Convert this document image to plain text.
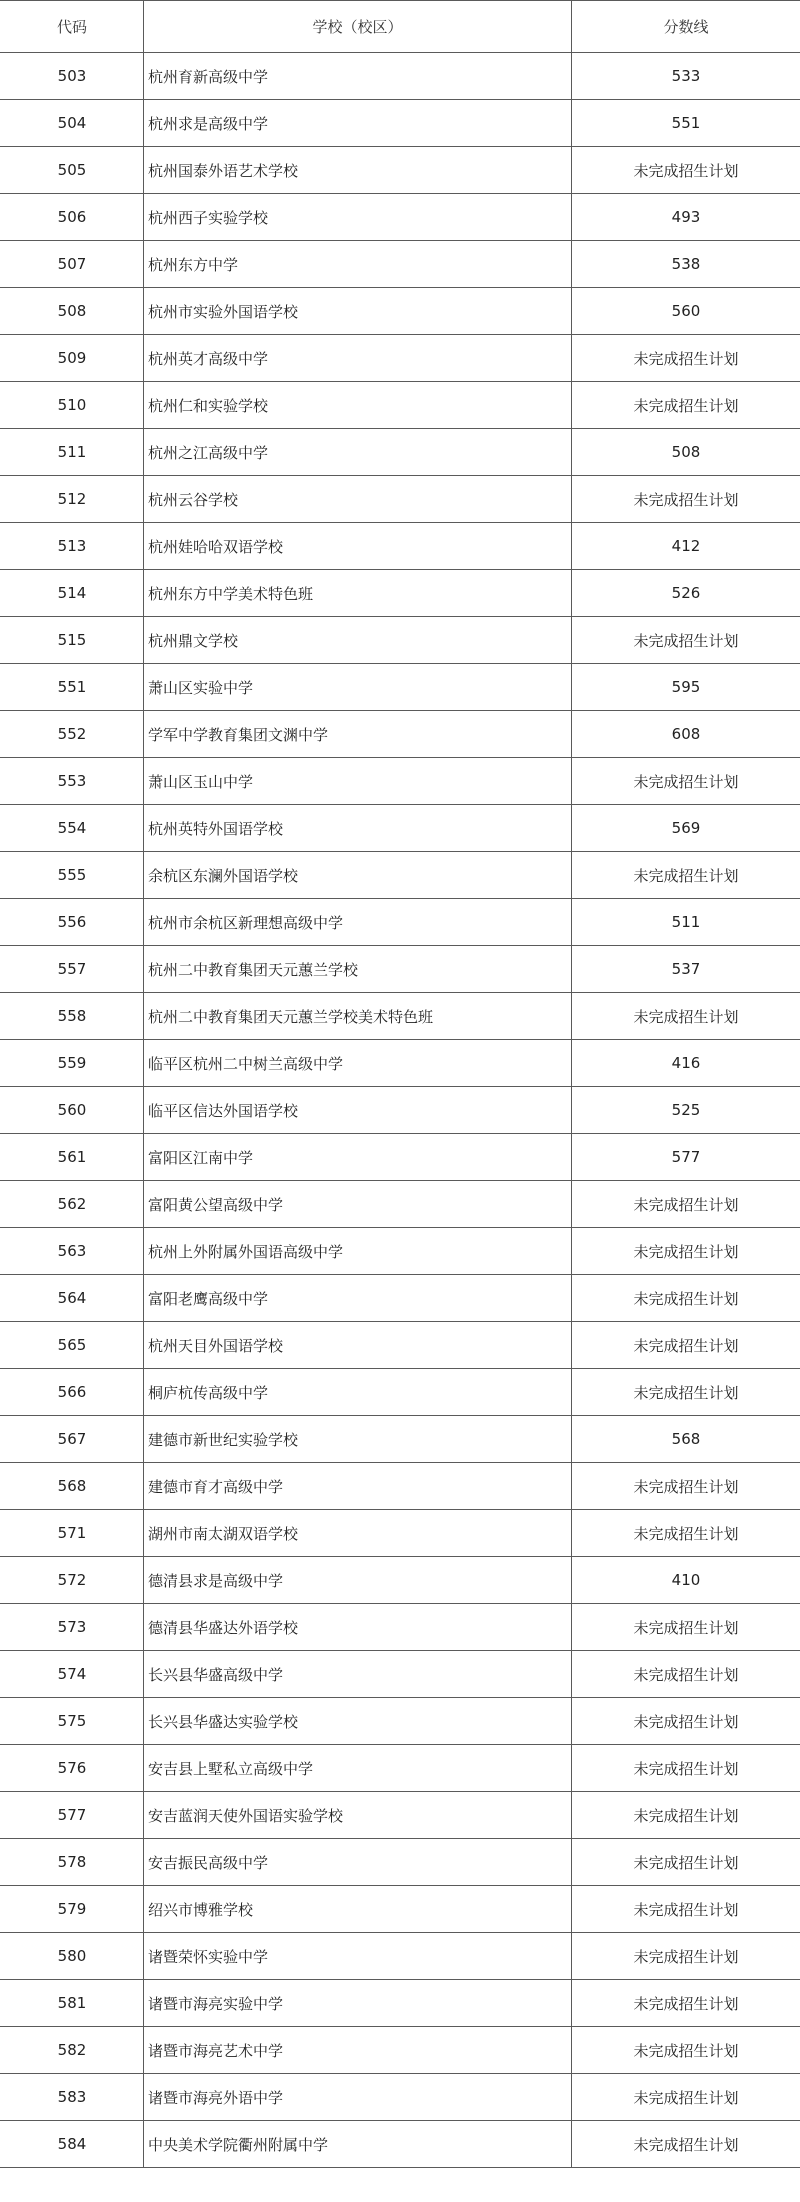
代码	学校（校区）	分数线
503	杭州育新高级中学	533
504	杭州求是高级中学	551
505	杭州国泰外语艺术学校	未完成招生计划
506	杭州西子实验学校	493
507	杭州东方中学	538
508	杭州市实验外国语学校	560
509	杭州英才高级中学	未完成招生计划
510	杭州仁和实验学校	未完成招生计划
511	杭州之江高级中学	508
512	杭州云谷学校	未完成招生计划
513	杭州娃哈哈双语学校	412
514	杭州东方中学美术特色班	526
515	杭州鼎文学校	未完成招生计划
551	萧山区实验中学	595
552	学军中学教育集团文渊中学	608
553	萧山区玉山中学	未完成招生计划
554	杭州英特外国语学校	569
555	余杭区东澜外国语学校	未完成招生计划
556	杭州市余杭区新理想高级中学	511
557	杭州二中教育集团天元蕙兰学校	537
558	杭州二中教育集团天元蕙兰学校美术特色班	未完成招生计划
559	临平区杭州二中树兰高级中学	416
560	临平区信达外国语学校	525
561	富阳区江南中学	577
562	富阳黄公望高级中学	未完成招生计划
563	杭州上外附属外国语高级中学	未完成招生计划
564	富阳老鹰高级中学	未完成招生计划
565	杭州天目外国语学校	未完成招生计划
566	桐庐杭传高级中学	未完成招生计划
567	建德市新世纪实验学校	568
568	建德市育才高级中学	未完成招生计划
571	湖州市南太湖双语学校	未完成招生计划
572	德清县求是高级中学	410
573	德清县华盛达外语学校	未完成招生计划
574	长兴县华盛高级中学	未完成招生计划
575	长兴县华盛达实验学校	未完成招生计划
576	安吉县上墅私立高级中学	未完成招生计划
577	安吉蓝润天使外国语实验学校	未完成招生计划
578	安吉振民高级中学	未完成招生计划
579	绍兴市博雅学校	未完成招生计划
580	诸暨荣怀实验中学	未完成招生计划
581	诸暨市海亮实验中学	未完成招生计划
582	诸暨市海亮艺术中学	未完成招生计划
583	诸暨市海亮外语中学	未完成招生计划
584	中央美术学院衢州附属中学	未完成招生计划
